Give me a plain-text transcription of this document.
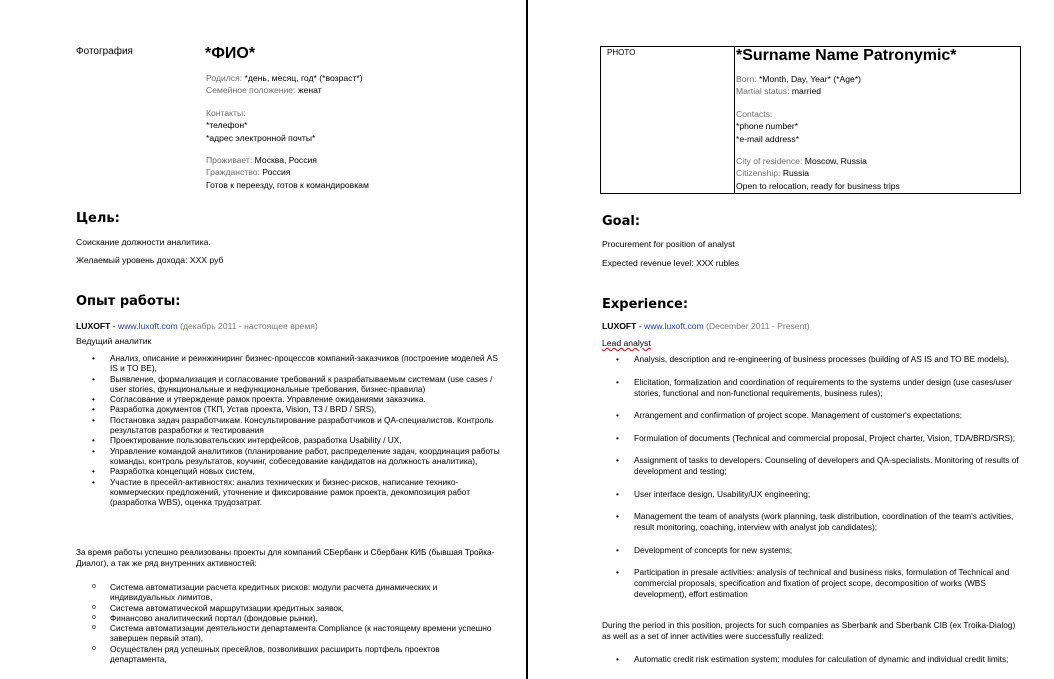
Фотография	*ФИО*
Родился: *день, месяц, год* (*возраст*)
Семейное положение: женат
Контакты:
*телефон*
*адрес электронной почты*
Проживает: Москва, Россия
Гражданство: Россия
Готов к переезду, готов к командировкам
Цель:
Соискание должности аналитика.
Желаемый уровень дохода: XXX руб
Опыт работы:
LUXOFT - www.luxoft.com (декабрь 2011 - настоящее время)
Ведущий аналитик
• Анализ, описание и реинжиниринг бизнес-процессов компаний-заказчиков (построение моделей AS IS и TO BE),
• Выявление, формализация и согласование требований к разрабатываемым системам (use cases / user stories, функциональные и нефункциональные требования, бизнес-правила)
• Согласование и утверждение рамок проекта. Управление ожиданиями заказчика.
• Разработка документов (ТКП, Устав проекта, Vision, ТЗ / BRD / SRS),
• Постановка задач разработчикам. Консультирование разработчиков и QA-специалистов. Контроль результатов разработки и тестирования
• Проектирование пользовательских интерфейсов, разработка Usability / UX,
• Управление командой аналитиков (планирование работ, распределение задач, координация работы команды, контроль результатов, коучинг, собеседование кандидатов на должность аналитика),
• Разработка концепций новых систем,
• Участие в пресейл-активностях: анализ технических и бизнес-рисков, написание технико-коммерческих предложений, уточнение и фиксирование рамок проекта, декомпозиция работ (разработка WBS), оценка трудозатрат.
За время работы успешно реализованы проекты для компаний СБербанк и Сбербанк КИБ (бывшая Тройка-Диалог), а так же ряд внутренних активностей:
o Система автоматизации расчета кредитных рисков: модули расчета динамических и индивидуальных лимитов,
o Система автоматической маршрутизации кредитных заявок,
o Финансово аналитический портал (фондовые рынки),
o Система автоматизации деятельности департамента Compliance (к настоящему времени успешно завершен первый этап),
o Осуществлен ряд успешных пресейлов, позволивших расширить портфель проектов департамента,
PHOTO	*Surname Name Patronymic*
Born: *Month, Day, Year* (*Age*)
Martial status: married
Contacts:
*phone number*
*e-mail address*
City of residence: Moscow, Russia
Citizenship: Russia
Open to relocation, ready for business trips
Goal:
Procurement for position of analyst
Expected revenue level: XXX rubles
Experience:
LUXOFT - www.luxoft.com (December 2011 - Present)
Lead analyst
• Analysis, description and re-engineering of business processes (building of AS IS and TO BE models),
• Elicitation, formalization and coordination of requirements to the systems under design (use cases/user stories, functional and non-functional requirements, business rules);
• Arrangement and confirmation of project scope. Management of customer's expectations;
• Formulation of documents (Technical and commercial proposal, Project charter, Vision, TDA/BRD/SRS);
• Assignment of tasks to developers. Counseling of developers and QA-specialists. Monitoring of results of development and testing;
• User interface design, Usability/UX engineering;
• Management the team of analysts (work planning, task distribution, coordination of the team's activities, result monitoring, coaching, interview with analyst job candidates);
• Development of concepts for new systems;
• Participation in presale activities: analysis of technical and business risks, formulation of Technical and commercial proposals, specification and fixation of project scope, decomposition of works (WBS development), effort estimation
During the period in this position, projects for such companies as Sberbank and Sberbank CIB (ex Troika-Dialog) as well as a set of inner activities were successfully realized:
• Automatic credit risk estimation system: modules for calculation of dynamic and individual credit limits;
